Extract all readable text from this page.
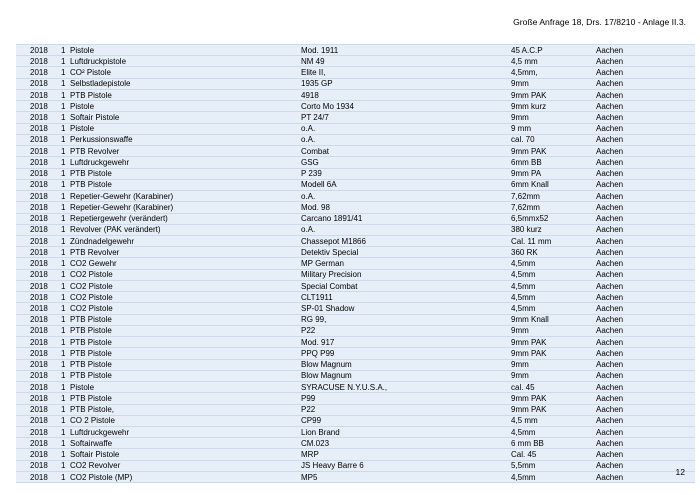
Große Anfrage 18, Drs. 17/8210 - Anlage II.3.
2018	1	Pistole	Mod. 1911	45 A.C.P	Aachen
2018	1	Luftdruckpistole	NM 49	4,5 mm	Aachen
2018	1	CO² Pistole	Elite II,	4,5mm,	Aachen
2018	1	Selbstladepistole	1935 GP	9mm	Aachen
2018	1	PTB Pistole	4918	9mm PAK	Aachen
2018	1	Pistole	Corto Mo 1934	9mm kurz	Aachen
2018	1	Softair Pistole	PT 24/7	9mm	Aachen
2018	1	Pistole	o.A.	9 mm	Aachen
2018	1	Perkussionswaffe	o.A.	cal. 70	Aachen
2018	1	PTB Revolver	Combat	9mm PAK	Aachen
2018	1	Luftdruckgewehr	GSG	6mm BB	Aachen
2018	1	PTB Pistole	P 239	9mm PA	Aachen
2018	1	PTB Pistole	Modell 6A	6mm Knall	Aachen
2018	1	Repetier-Gewehr (Karabiner)	o.A.	7,62mm	Aachen
2018	1	Repetier-Gewehr (Karabiner)	Mod. 98	7,62mm	Aachen
2018	1	Repetiergewehr (verändert)	Carcano 1891/41	6,5mmx52	Aachen
2018	1	Revolver (PAK verändert)	o.A.	380 kurz	Aachen
2018	1	Zündnadelgewehr	Chassepot M1866	Cal. 11 mm	Aachen
2018	1	PTB Revolver	Detektiv Special	360 RK	Aachen
2018	1	CO2 Gewehr	MP German	4,5mm	Aachen
2018	1	CO2 Pistole	Military Precision	4,5mm	Aachen
2018	1	CO2 Pistole	Special Combat	4,5mm	Aachen
2018	1	CO2 Pistole	CLT1911	4,5mm	Aachen
2018	1	CO2 Pistole	SP-01 Shadow	4,5mm	Aachen
2018	1	PTB Pistole	RG 99,	9mm Knall	Aachen
2018	1	PTB Pistole	P22	9mm	Aachen
2018	1	PTB Pistole	Mod. 917	9mm PAK	Aachen
2018	1	PTB Pistole	PPQ P99	9mm PAK	Aachen
2018	1	PTB Pistole	Blow Magnum	9mm	Aachen
2018	1	PTB Pistole	Blow Magnum	9mm	Aachen
2018	1	Pistole	SYRACUSE N.Y.U.S.A.,	cal. 45	Aachen
2018	1	PTB Pistole	P99	9mm PAK	Aachen
2018	1	PTB Pistole,	P22	9mm PAK	Aachen
2018	1	CO 2 Pistole	CP99	4,5 mm	Aachen
2018	1	Luftdruckgewehr	Lion Brand	4,5mm	Aachen
2018	1	Softairwaffe	CM.023	6 mm BB	Aachen
2018	1	Softair Pistole	MRP	Cal. 45	Aachen
2018	1	CO2 Revolver	JS Heavy Barre 6	5,5mm	Aachen
2018	1	CO2 Pistole (MP)	MP5	4,5mm	Aachen
12
